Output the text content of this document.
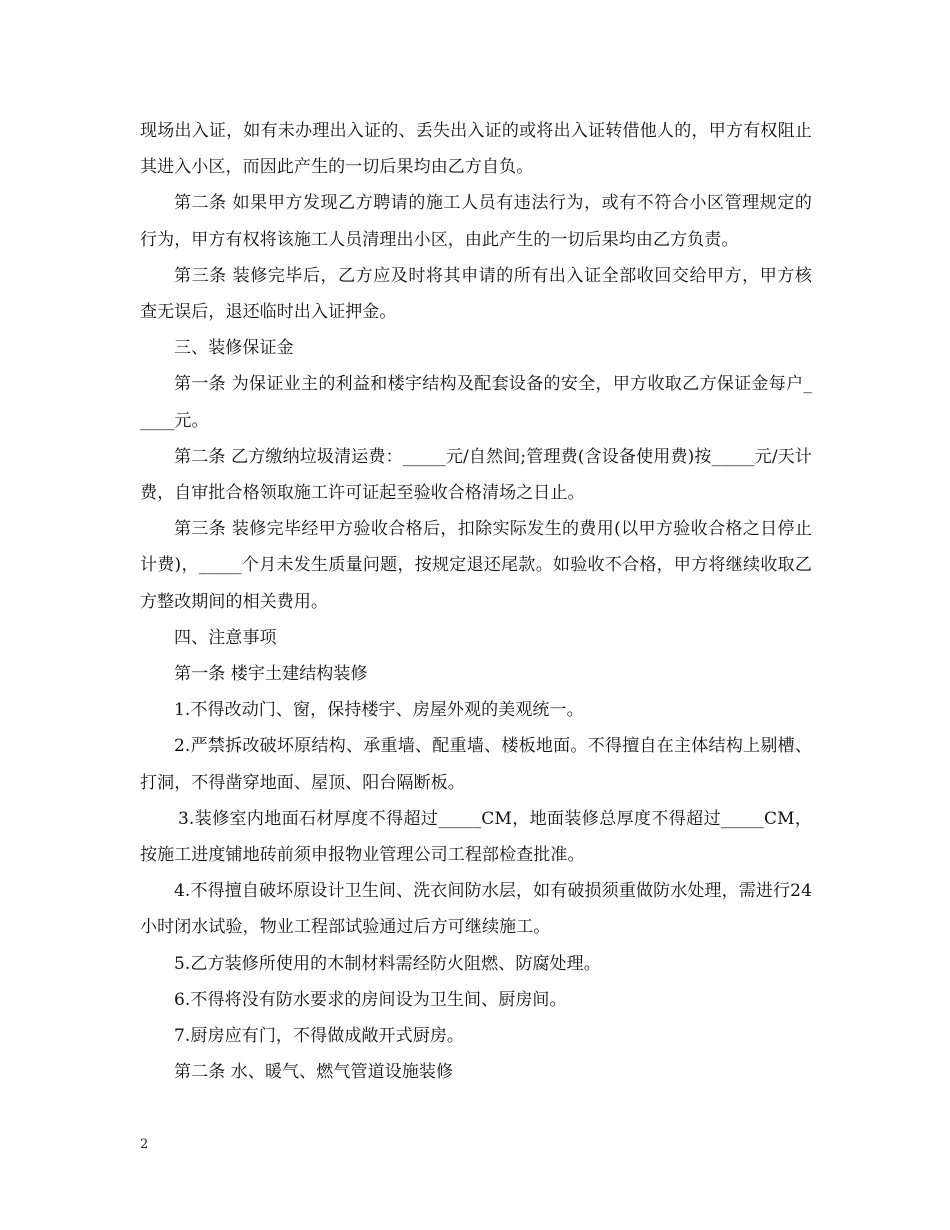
现场出入证，如有未办理出入证的、丢失出入证的或将出入证转借他人的，甲方有权阻止其进入小区，而因此产生的一切后果均由乙方自负。

第二条 如果甲方发现乙方聘请的施工人员有违法行为，或有不符合小区管理规定的行为，甲方有权将该施工人员清理出小区，由此产生的一切后果均由乙方负责。

第三条 装修完毕后，乙方应及时将其申请的所有出入证全部收回交给甲方，甲方核查无误后，退还临时出入证押金。

三、装修保证金

第一条 为保证业主的利益和楼宇结构及配套设备的安全，甲方收取乙方保证金每户_____元。

第二条 乙方缴纳垃圾清运费：_____元/自然间;管理费(含设备使用费)按_____元/天计费，自审批合格领取施工许可证起至验收合格清场之日止。

第三条 装修完毕经甲方验收合格后，扣除实际发生的费用(以甲方验收合格之日停止计费)，_____个月未发生质量问题，按规定退还尾款。如验收不合格，甲方将继续收取乙方整改期间的相关费用。

四、注意事项

第一条 楼宇土建结构装修

1.不得改动门、窗，保持楼宇、房屋外观的美观统一。

2.严禁拆改破坏原结构、承重墙、配重墙、楼板地面。不得擅自在主体结构上剔槽、打洞，不得凿穿地面、屋顶、阳台隔断板。

3.装修室内地面石材厚度不得超过_____CM，地面装修总厚度不得超过_____CM，按施工进度铺地砖前须申报物业管理公司工程部检查批准。

4.不得擅自破坏原设计卫生间、洗衣间防水层，如有破损须重做防水处理，需进行24小时闭水试验，物业工程部试验通过后方可继续施工。

5.乙方装修所使用的木制材料需经防火阻燃、防腐处理。

6.不得将没有防水要求的房间设为卫生间、厨房间。

7.厨房应有门，不得做成敞开式厨房。

第二条 水、暖气、燃气管道设施装修

2
